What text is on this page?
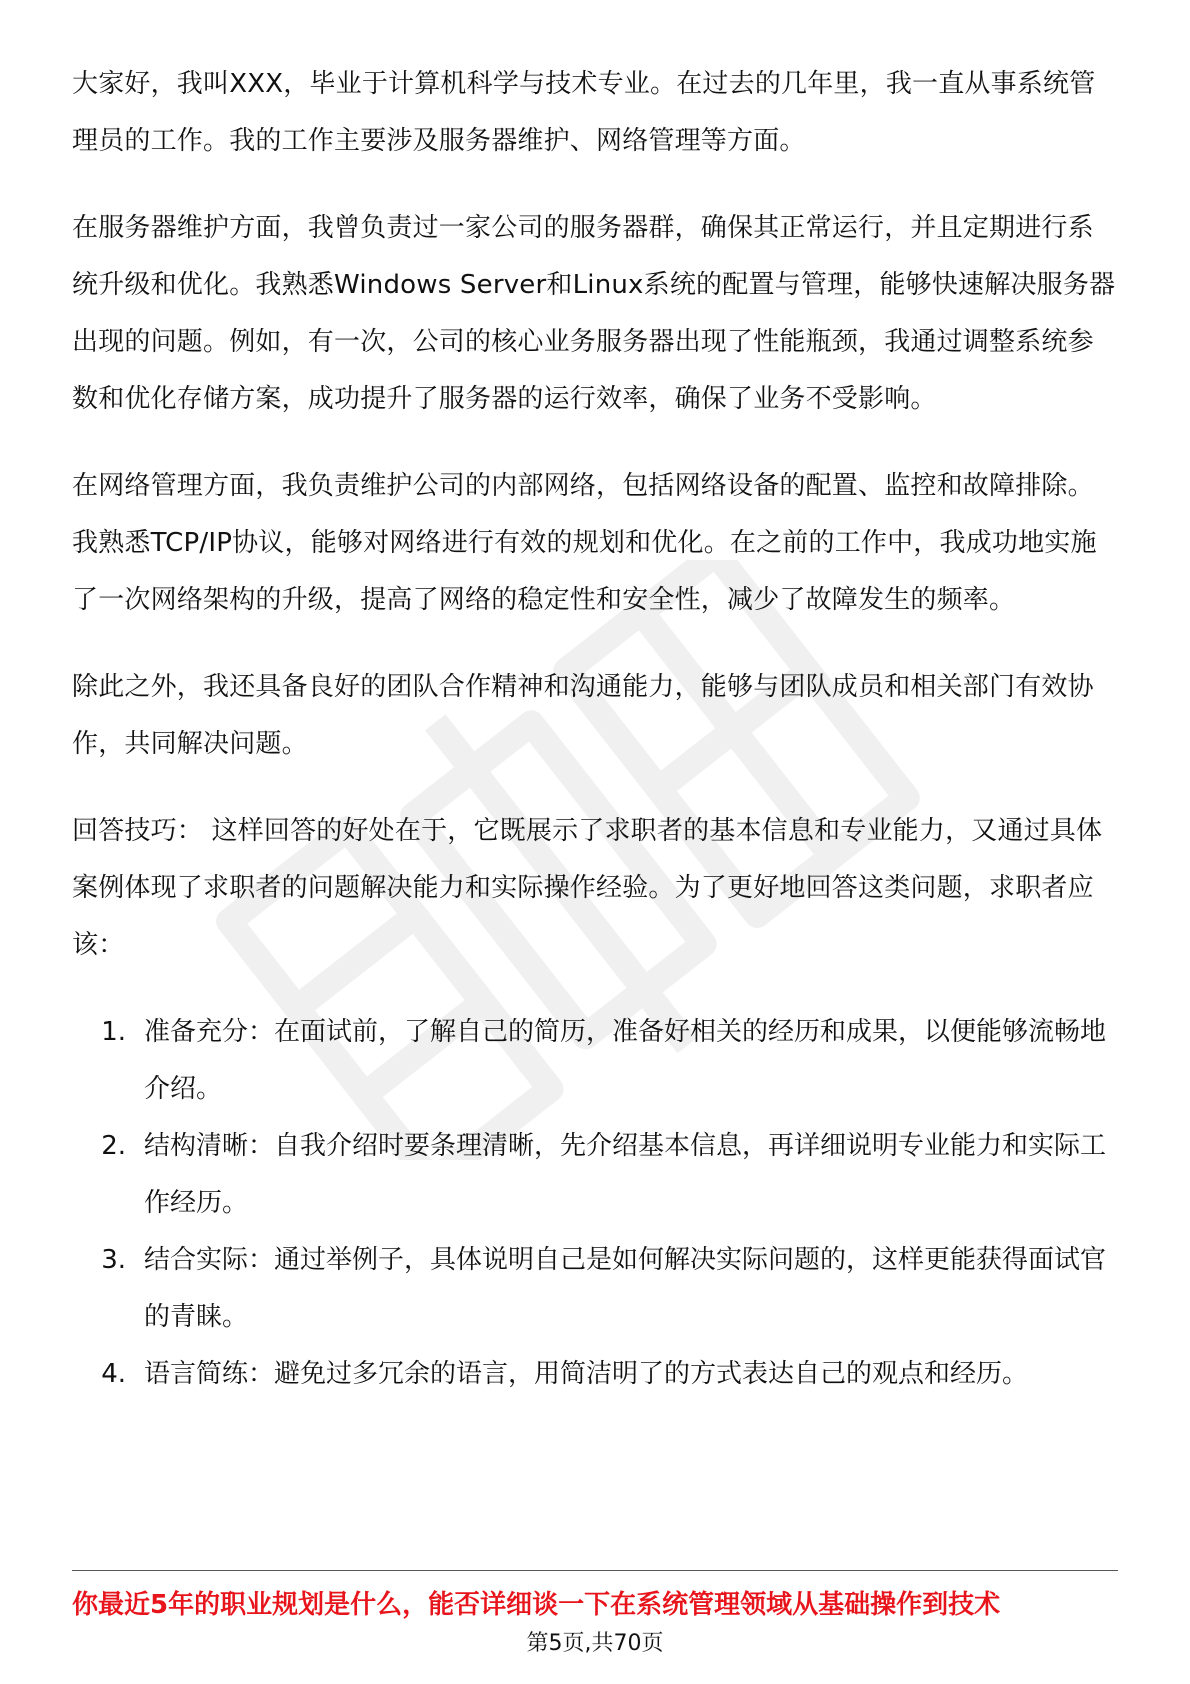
大家好，我叫XXX，毕业于计算机科学与技术专业。在过去的几年里，我一直从事系统管理员的工作。我的工作主要涉及服务器维护、网络管理等方面。

在服务器维护方面，我曾负责过一家公司的服务器群，确保其正常运行，并且定期进行系统升级和优化。我熟悉Windows Server和Linux系统的配置与管理，能够快速解决服务器出现的问题。例如，有一次，公司的核心业务服务器出现了性能瓶颈，我通过调整系统参数和优化存储方案，成功提升了服务器的运行效率，确保了业务不受影响。

在网络管理方面，我负责维护公司的内部网络，包括网络设备的配置、监控和故障排除。我熟悉TCP/IP协议，能够对网络进行有效的规划和优化。在之前的工作中，我成功地实施了一次网络架构的升级，提高了网络的稳定性和安全性，减少了故障发生的频率。

除此之外，我还具备良好的团队合作精神和沟通能力，能够与团队成员和相关部门有效协作，共同解决问题。

回答技巧： 这样回答的好处在于，它既展示了求职者的基本信息和专业能力，又通过具体案例体现了求职者的问题解决能力和实际操作经验。为了更好地回答这类问题，求职者应该：

1. 准备充分：在面试前，了解自己的简历，准备好相关的经历和成果，以便能够流畅地介绍。
2. 结构清晰：自我介绍时要条理清晰，先介绍基本信息，再详细说明专业能力和实际工作经历。
3. 结合实际：通过举例子，具体说明自己是如何解决实际问题的，这样更能获得面试官的青睐。
4. 语言简练：避免过多冗余的语言，用简洁明了的方式表达自己的观点和经历。
你最近5年的职业规划是什么，能否详细谈一下在系统管理领域从基础操作到技术
第5页,共70页
